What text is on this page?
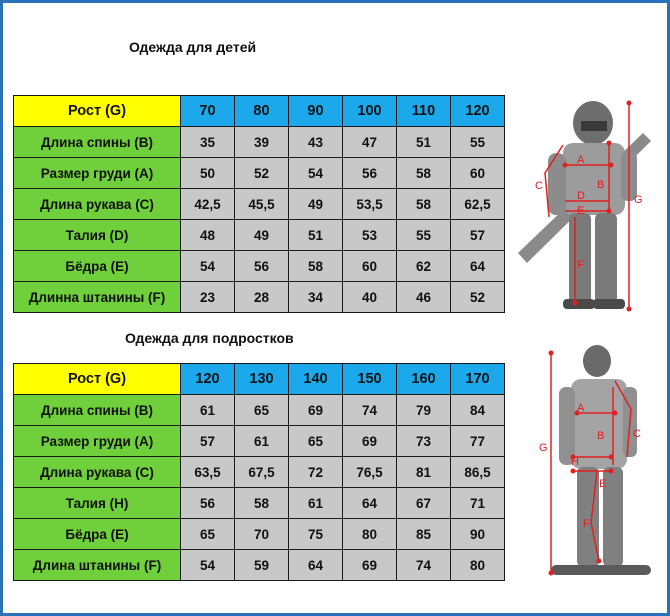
Одежда для детей
Одежда для подростков
Рост (G)	70	80	90	100	110	120
Длина спины (B)	35	39	43	47	51	55
Размер груди (A)	50	52	54	56	58	60
Длина рукава (C)	42,5	45,5	49	53,5	58	62,5
Талия (D)	48	49	51	53	55	57
Бёдра (E)	54	56	58	60	62	64
Длинна штанины (F)	23	28	34	40	46	52
Рост (G)	120	130	140	150	160	170
Длина спины (B)	61	65	69	74	79	84
Размер груди (A)	57	61	65	69	73	77
Длина рукава (C)	63,5	67,5	72	76,5	81	86,5
Талия (H)	56	58	61	64	67	71
Бёдра (E)	65	70	75	80	85	90
Длина штанины (F)	54	59	64	69	74	80
A
B
C
D
E
F
G
A
B	C
H
E
F
G
